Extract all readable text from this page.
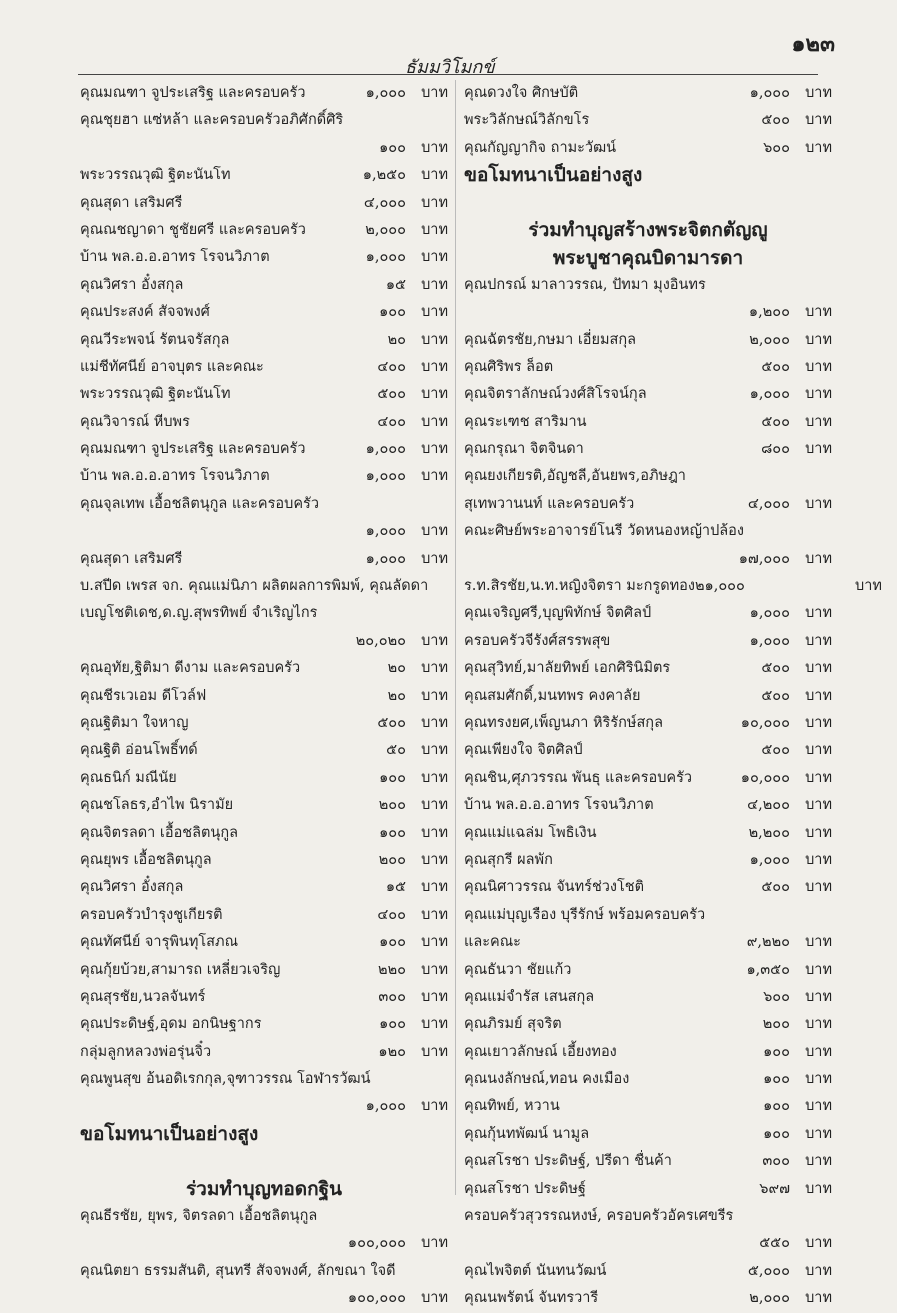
๑๒๓
ธัมมวิโมกข์
คุณมณฑา จูประเสริฐ และครอบครัว	๑,๐๐๐	บาท
คุณชุยฮา แซ่หล้า และครอบครัวอภิศักดิ์ศิริ
๑๐๐	บาท
พระวรรณวุฒิ ฐิตะนันโท	๑,๒๕๐	บาท
คุณสุดา เสริมศรี	๔,๐๐๐	บาท
คุณณชญาดา ชูชัยศรี และครอบครัว	๒,๐๐๐	บาท
บ้าน พล.อ.อ.อาทร โรจนวิภาต	๑,๐๐๐	บาท
คุณวิศรา อั๋งสกุล	๑๕	บาท
คุณประสงค์ สัจจพงศ์	๑๐๐	บาท
คุณวีระพจน์ รัตนจรัสกุล	๒๐	บาท
แม่ชีทัศนีย์ อาจบุตร และคณะ	๔๐๐	บาท
พระวรรณวุฒิ ฐิตะนันโท	๕๐๐	บาท
คุณวิจารณ์ หีบพร	๔๐๐	บาท
คุณมณฑา จูประเสริฐ และครอบครัว	๑,๐๐๐	บาท
บ้าน พล.อ.อ.อาทร โรจนวิภาต	๑,๐๐๐	บาท
คุณจุลเทพ เอื้อชลิตนุกูล และครอบครัว
๑,๐๐๐	บาท
คุณสุดา เสริมศรี	๑,๐๐๐	บาท
บ.สปีด เพรส จก. คุณแม่นิภา ผลิตผลการพิมพ์, คุณลัดดา
เบญโชติเดช,ด.ญ.สุพรทิพย์ จำเริญไกร
๒๐,๐๒๐	บาท
คุณอุทัย,ฐิติมา ดีงาม และครอบครัว	๒๐	บาท
คุณชีรเวเอม ดีโวล์ฟ	๒๐	บาท
คุณฐิติมา ใจหาญ	๕๐๐	บาท
คุณฐิติ อ่อนโพธิ์ทด์	๕๐	บาท
คุณธนิก์ มณีนัย	๑๐๐	บาท
คุณชโลธร,อำไพ นิรามัย	๒๐๐	บาท
คุณจิตรลดา เอื้อชลิตนุกูล	๑๐๐	บาท
คุณยุพร เอื้อชลิตนุกูล	๒๐๐	บาท
คุณวิศรา อั๋งสกุล	๑๕	บาท
ครอบครัวบำรุงชูเกียรติ	๔๐๐	บาท
คุณทัศนีย์ จารุพินทุโสภณ	๑๐๐	บาท
คุณกุ้ยบ้วย,สามารถ เหลี่ยวเจริญ	๒๒๐	บาท
คุณสุรชัย,นวลจันทร์	๓๐๐	บาท
คุณประดิษฐ์,อุดม อกนิษฐากร	๑๐๐	บาท
กลุ่มลูกหลวงพ่อรุ่นจิ๋ว	๑๒๐	บาท
คุณพูนสุข อ้นอดิเรกกุล,จุฑาวรรณ โอฬารวัฒน์
๑,๐๐๐	บาท
ขอโมทนาเป็นอย่างสูง
ร่วมทำบุญทอดกฐิน
คุณธีรชัย, ยุพร, จิตรลดา เอื้อชลิตนุกูล
๑๐๐,๐๐๐	บาท
คุณนิตยา ธรรมสันติ, สุนทรี สัจจพงศ์, ลักขณา ใจดี
๑๐๐,๐๐๐	บาท
คุณดวงใจ ศิกษบัติ	๑,๐๐๐	บาท
พระวิลักษณ์วิลักขโร	๕๐๐	บาท
คุณกัญญากิจ ถามะวัฒน์	๖๐๐	บาท
ขอโมทนาเป็นอย่างสูง
ร่วมทำบุญสร้างพระจิตกตัญญู
พระบูชาคุณบิดามารดา
คุณปกรณ์ มาลาวรรณ, ปัทมา มุงอินทร
๑,๒๐๐	บาท
คุณฉัตรชัย,กษมา เอี่ยมสกุล	๒,๐๐๐	บาท
คุณศิริพร ล็อต	๕๐๐	บาท
คุณจิตราลักษณ์วงศ์สิโรจน์กุล	๑,๐๐๐	บาท
คุณระเฑช สาริมาน	๕๐๐	บาท
คุณกรุณา จิตจินดา	๘๐๐	บาท
คุณยงเกียรติ,อัญชลี,อันยพร,อภิษฎา
สุเทพวานนท์ และครอบครัว	๔,๐๐๐	บาท
คณะศิษย์พระอาจารย์โนรี วัดหนองหญ้าปล้อง
๑๗,๐๐๐	บาท
ร.ท.สิรชัย,น.ท.หญิงจิตรา มะกรูดทอง๒๑,๐๐๐	บาท
คุณเจริญศรี,บุญพิทักษ์ จิตศิลป์	๑,๐๐๐	บาท
ครอบครัวจีรังศ์สรรพสุข	๑,๐๐๐	บาท
คุณสุวิทย์,มาลัยทิพย์ เอกศิรินิมิตร	๕๐๐	บาท
คุณสมศักดิ์,มนทพร คงคาลัย	๕๐๐	บาท
คุณทรงยศ,เพ็ญนภา หิริรักษ์สกุล	๑๐,๐๐๐	บาท
คุณเพียงใจ จิตศิลป์	๕๐๐	บาท
คุณชิน,ศุภวรรณ พันธุ และครอบครัว	๑๐,๐๐๐	บาท
บ้าน พล.อ.อ.อาทร โรจนวิภาต	๔,๒๐๐	บาท
คุณแม่แฉล่ม โพธิเงิน	๒,๒๐๐	บาท
คุณสุกรี ผลพัก	๑,๐๐๐	บาท
คุณนิศาวรรณ จันทร์ช่วงโชติ	๕๐๐	บาท
คุณแม่บุญเรือง บุรีรักษ์ พร้อมครอบครัว
และคณะ	๙,๒๒๐	บาท
คุณธันวา ชัยแก้ว	๑,๓๕๐	บาท
คุณแม่จำรัส เสนสกุล	๖๐๐	บาท
คุณภิรมย์ สุจริต	๒๐๐	บาท
คุณเยาวลักษณ์ เอี้ยงทอง	๑๐๐	บาท
คุณนงลักษณ์,ทอน คงเมือง	๑๐๐	บาท
คุณทิพย์, หวาน	๑๐๐	บาท
คุณกุ้นทพัฒน์ นามูล	๑๐๐	บาท
คุณสโรชา ประดิษฐ์, ปรีดา ชื่นค้า	๓๐๐	บาท
คุณสโรชา ประดิษฐ์	๖๙๗	บาท
ครอบครัวสุวรรณหงษ์, ครอบครัวอัครเศขรีร
๕๕๐	บาท
คุณไพจิตต์ นันทนวัฒน์	๕,๐๐๐	บาท
คุณนพรัตน์ จันทรวารี	๒,๐๐๐	บาท
